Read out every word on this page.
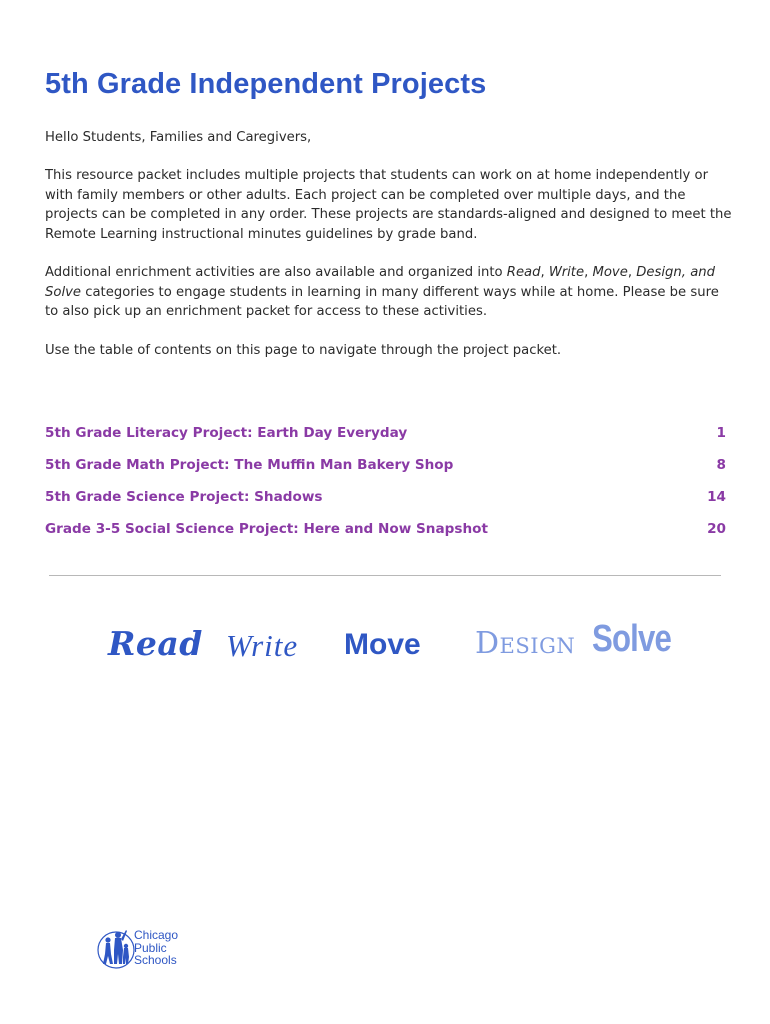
5th Grade Independent Projects

Hello Students, Families and Caregivers,

This resource packet includes multiple projects that students can work on at home independently or with family members or other adults. Each project can be completed over multiple days, and the projects can be completed in any order. These projects are standards-aligned and designed to meet the Remote Learning instructional minutes guidelines by grade band.

Additional enrichment activities are also available and organized into Read, Write, Move, Design, and Solve categories to engage students in learning in many different ways while at home. Please be sure to also pick up an enrichment packet for access to these activities.

Use the table of contents on this page to navigate through the project packet.

5th Grade Literacy Project: Earth Day Everyday	1
5th Grade Math Project: The Muffin Man Bakery Shop	8
5th Grade Science Project: Shadows	14
Grade 3-5 Social Science Project: Here and Now Snapshot	20
Read Write Move Design Solve
Chicago
Public
Schools
